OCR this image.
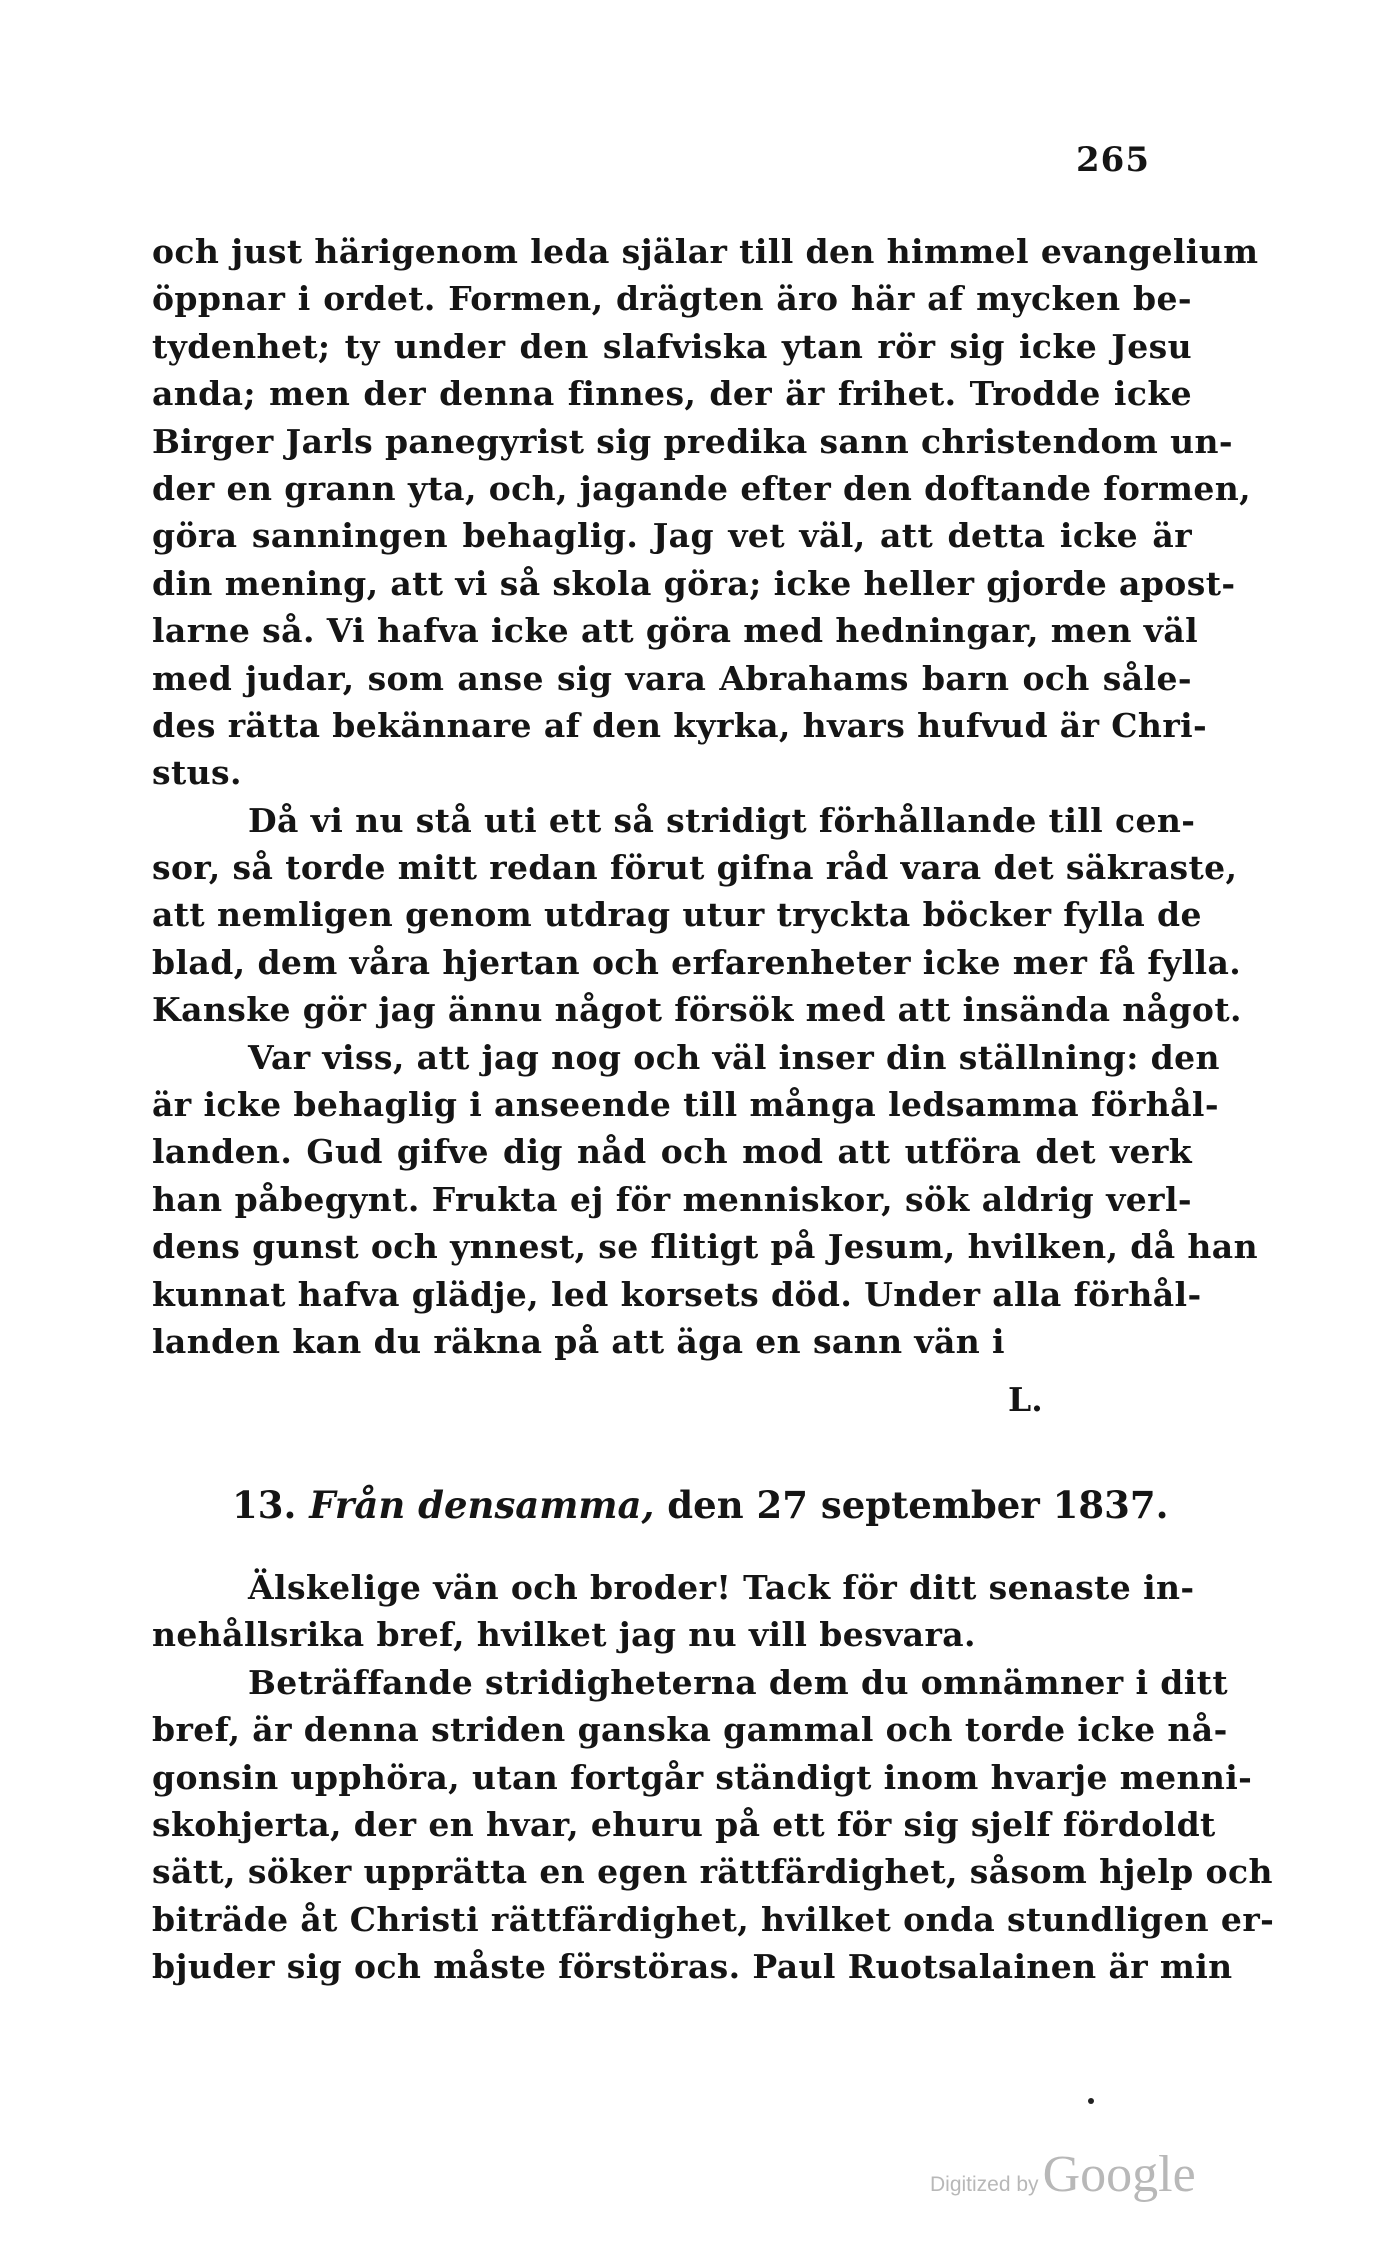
265
och just härigenom leda själar till den himmel evangelium
öppnar i ordet. Formen, drägten äro här af mycken be-
tydenhet; ty under den slafviska ytan rör sig icke Jesu
anda; men der denna finnes, der är frihet. Trodde icke
Birger Jarls panegyrist sig predika sann christendom un-
der en grann yta, och, jagande efter den doftande formen,
göra sanningen behaglig. Jag vet väl, att detta icke är
din mening, att vi så skola göra; icke heller gjorde apost-
larne så. Vi hafva icke att göra med hedningar, men väl
med judar, som anse sig vara Abrahams barn och såle-
des rätta bekännare af den kyrka, hvars hufvud är Chri-
stus.
Då vi nu stå uti ett så stridigt förhållande till cen-
sor, så torde mitt redan förut gifna råd vara det säkraste,
att nemligen genom utdrag utur tryckta böcker fylla de
blad, dem våra hjertan och erfarenheter icke mer få fylla.
Kanske gör jag ännu något försök med att insända något.
Var viss, att jag nog och väl inser din ställning: den
är icke behaglig i anseende till många ledsamma förhål-
landen. Gud gifve dig nåd och mod att utföra det verk
han påbegynt. Frukta ej för menniskor, sök aldrig verl-
dens gunst och ynnest, se flitigt på Jesum, hvilken, då han
kunnat hafva glädje, led korsets död. Under alla förhål-
landen kan du räkna på att äga en sann vän i
L.
13. Från densamma, den 27 september 1837.
Älskelige vän och broder! Tack för ditt senaste in-
nehållsrika bref, hvilket jag nu vill besvara.
Beträffande stridigheterna dem du omnämner i ditt
bref, är denna striden ganska gammal och torde icke nå-
gonsin upphöra, utan fortgår ständigt inom hvarje menni-
skohjerta, der en hvar, ehuru på ett för sig sjelf fördoldt
sätt, söker upprätta en egen rättfärdighet, såsom hjelp och
biträde åt Christi rättfärdighet, hvilket onda stundligen er-
bjuder sig och måste förstöras. Paul Ruotsalainen är min
Digitized by Google
